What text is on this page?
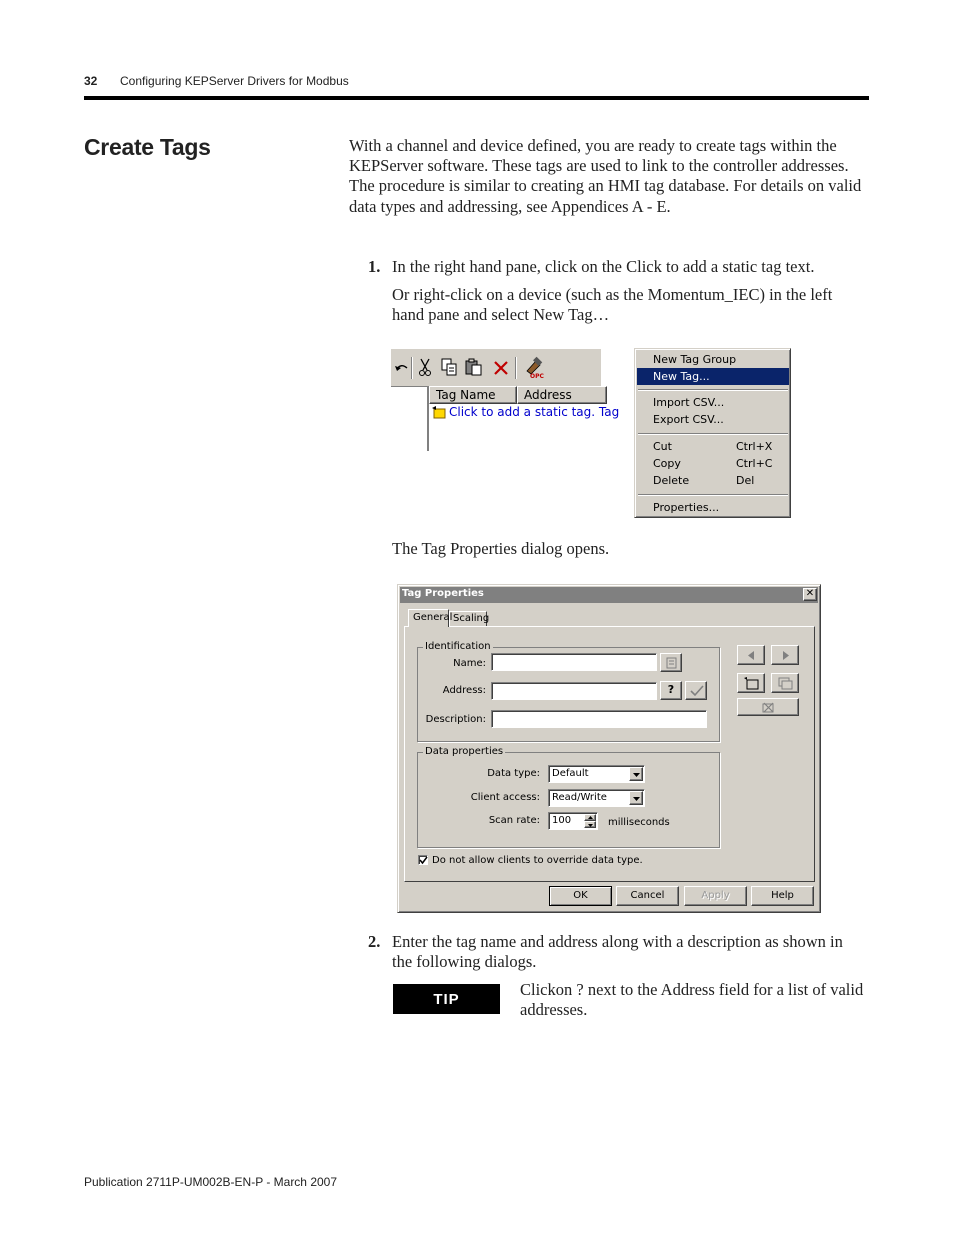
32 Configuring KEPServer Drivers for Modbus
Create Tags	With a channel and device defined, you are ready to create tags within the KEPServer software. These tags are used to link to the controller addresses. The procedure is similar to creating an HMI tag database. For details on valid data types and addressing, see Appendices A - E.
1. In the right hand pane, click on the Click to add a static tag text.
Or right-click on a device (such as the Momentum_IEC) in the left hand pane and select New Tag…
OPC
Tag Name	Address
Click to add a static tag. Tag
New Tag Group
New Tag...
Import CSV...
Export CSV...
Cut	Ctrl+X
Copy	Ctrl+C
Delete	Del
Properties...
The Tag Properties dialog opens.
Tag Properties	✕
General Scaling
Identification
Name:
Address:	?
Description:
Data properties
Data type: Default
Client access: Read/Write
Scan rate: 100	milliseconds
Do not allow clients to override data type.
OK	Cancel	Apply	Help
2. Enter the tag name and address along with a description as shown in the following dialogs.
TIP	Clickon ? next to the Address field for a list of valid addresses.
Publication 2711P-UM002B-EN-P - March 2007
